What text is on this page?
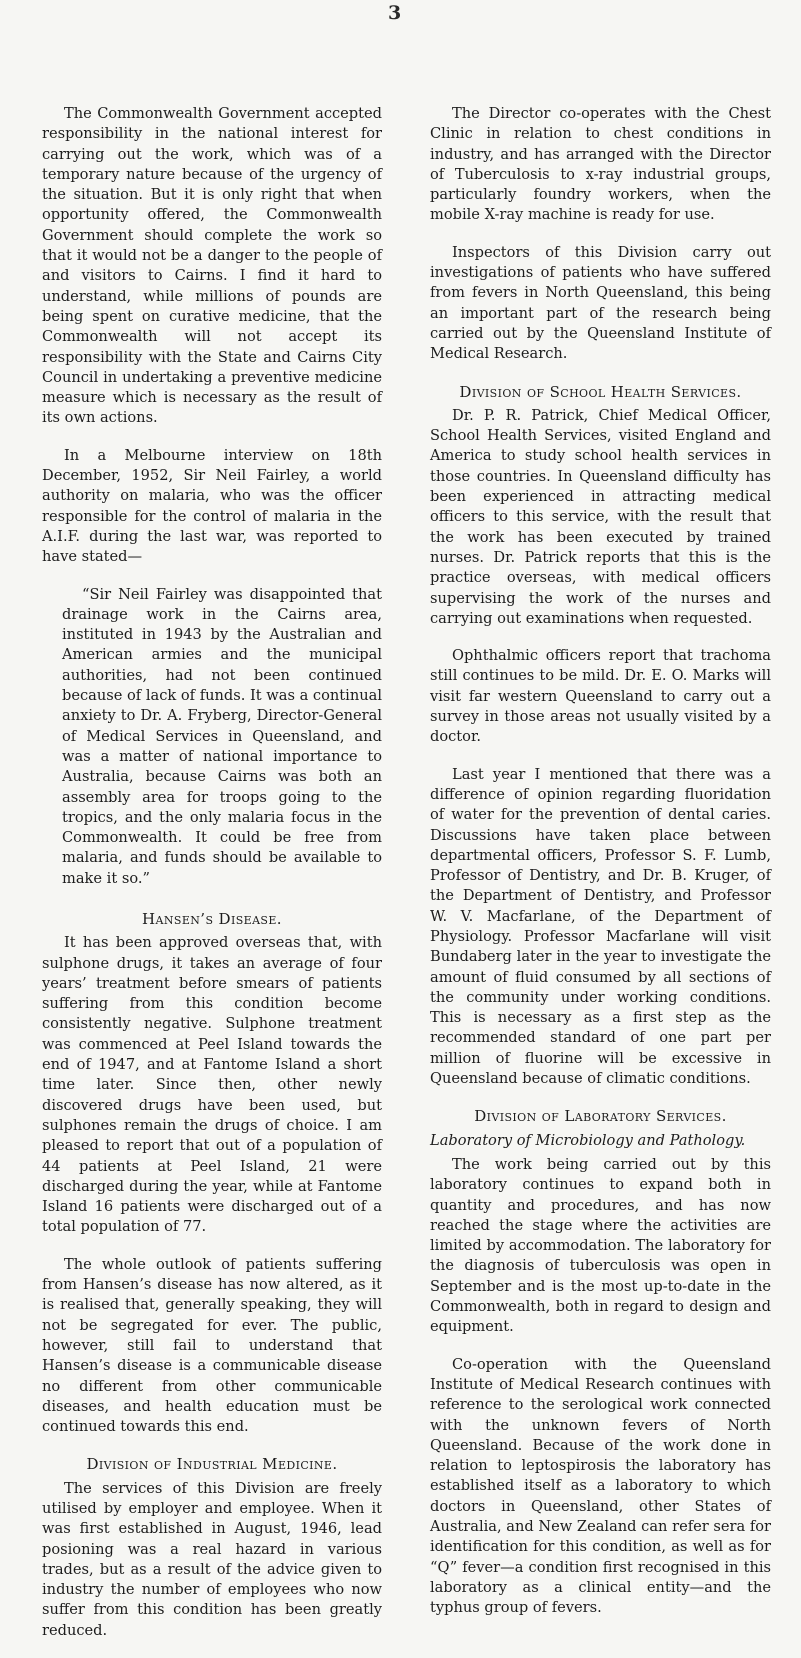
3

The Commonwealth Government accepted responsibility in the national interest for carrying out the work, which was of a temporary nature because of the urgency of the situation. But it is only right that when opportunity offered, the Commonwealth Government should complete the work so that it would not be a danger to the people of and visitors to Cairns. I find it hard to understand, while millions of pounds are being spent on curative medicine, that the Commonwealth will not accept its responsibility with the State and Cairns City Council in undertaking a preventive medicine measure which is necessary as the result of its own actions.

In a Melbourne interview on 18th December, 1952, Sir Neil Fairley, a world authority on malaria, who was the officer responsible for the control of malaria in the A.I.F. during the last war, was reported to have stated—

“Sir Neil Fairley was disappointed that drainage work in the Cairns area, instituted in 1943 by the Australian and American armies and the municipal authorities, had not been continued because of lack of funds. It was a continual anxiety to Dr. A. Fryberg, Director-General of Medical Services in Queensland, and was a matter of national importance to Australia, because Cairns was both an assembly area for troops going to the tropics, and the only malaria focus in the Commonwealth. It could be free from malaria, and funds should be available to make it so.”

Hansen’s Disease.

It has been approved overseas that, with sulphone drugs, it takes an average of four years’ treatment before smears of patients suffering from this condition become consistently negative. Sulphone treatment was commenced at Peel Island towards the end of 1947, and at Fantome Island a short time later. Since then, other newly discovered drugs have been used, but sulphones remain the drugs of choice. I am pleased to report that out of a population of 44 patients at Peel Island, 21 were discharged during the year, while at Fantome Island 16 patients were discharged out of a total population of 77.

The whole outlook of patients suffering from Hansen’s disease has now altered, as it is realised that, generally speaking, they will not be segregated for ever. The public, however, still fail to understand that Hansen’s disease is a communicable disease no different from other communicable diseases, and health education must be continued towards this end.

Division of Industrial Medicine.

The services of this Division are freely utilised by employer and employee. When it was first established in August, 1946, lead posioning was a real hazard in various trades, but as a result of the advice given to industry the number of employees who now suffer from this condition has been greatly reduced.

The Director co-operates with the Chest Clinic in relation to chest conditions in industry, and has arranged with the Director of Tuberculosis to x-ray industrial groups, particularly foundry workers, when the mobile X-ray machine is ready for use.

Inspectors of this Division carry out investigations of patients who have suffered from fevers in North Queensland, this being an important part of the research being carried out by the Queensland Institute of Medical Research.

Division of School Health Services.

Dr. P. R. Patrick, Chief Medical Officer, School Health Services, visited England and America to study school health services in those countries. In Queensland difficulty has been experienced in attracting medical officers to this service, with the result that the work has been executed by trained nurses. Dr. Patrick reports that this is the practice overseas, with medical officers supervising the work of the nurses and carrying out examinations when requested.

Ophthalmic officers report that trachoma still continues to be mild. Dr. E. O. Marks will visit far western Queensland to carry out a survey in those areas not usually visited by a doctor.

Last year I mentioned that there was a difference of opinion regarding fluoridation of water for the prevention of dental caries. Discussions have taken place between departmental officers, Professor S. F. Lumb, Professor of Dentistry, and Dr. B. Kruger, of the Department of Dentistry, and Professor W. V. Macfarlane, of the Department of Physiology. Professor Macfarlane will visit Bundaberg later in the year to investigate the amount of fluid consumed by all sections of the community under working conditions. This is necessary as a first step as the recommended standard of one part per million of fluorine will be excessive in Queensland because of climatic conditions.

Division of Laboratory Services.

Laboratory of Microbiology and Pathology.

The work being carried out by this laboratory continues to expand both in quantity and procedures, and has now reached the stage where the activities are limited by accommodation. The laboratory for the diagnosis of tuberculosis was open in September and is the most up-to-date in the Commonwealth, both in regard to design and equipment.

Co-operation with the Queensland Institute of Medical Research continues with reference to the serological work connected with the unknown fevers of North Queensland. Because of the work done in relation to leptospirosis the laboratory has established itself as a laboratory to which doctors in Queensland, other States of Australia, and New Zealand can refer sera for identification for this condition, as well as for “Q” fever—a condition first recognised in this laboratory as a clinical entity—and the typhus group of fevers.
